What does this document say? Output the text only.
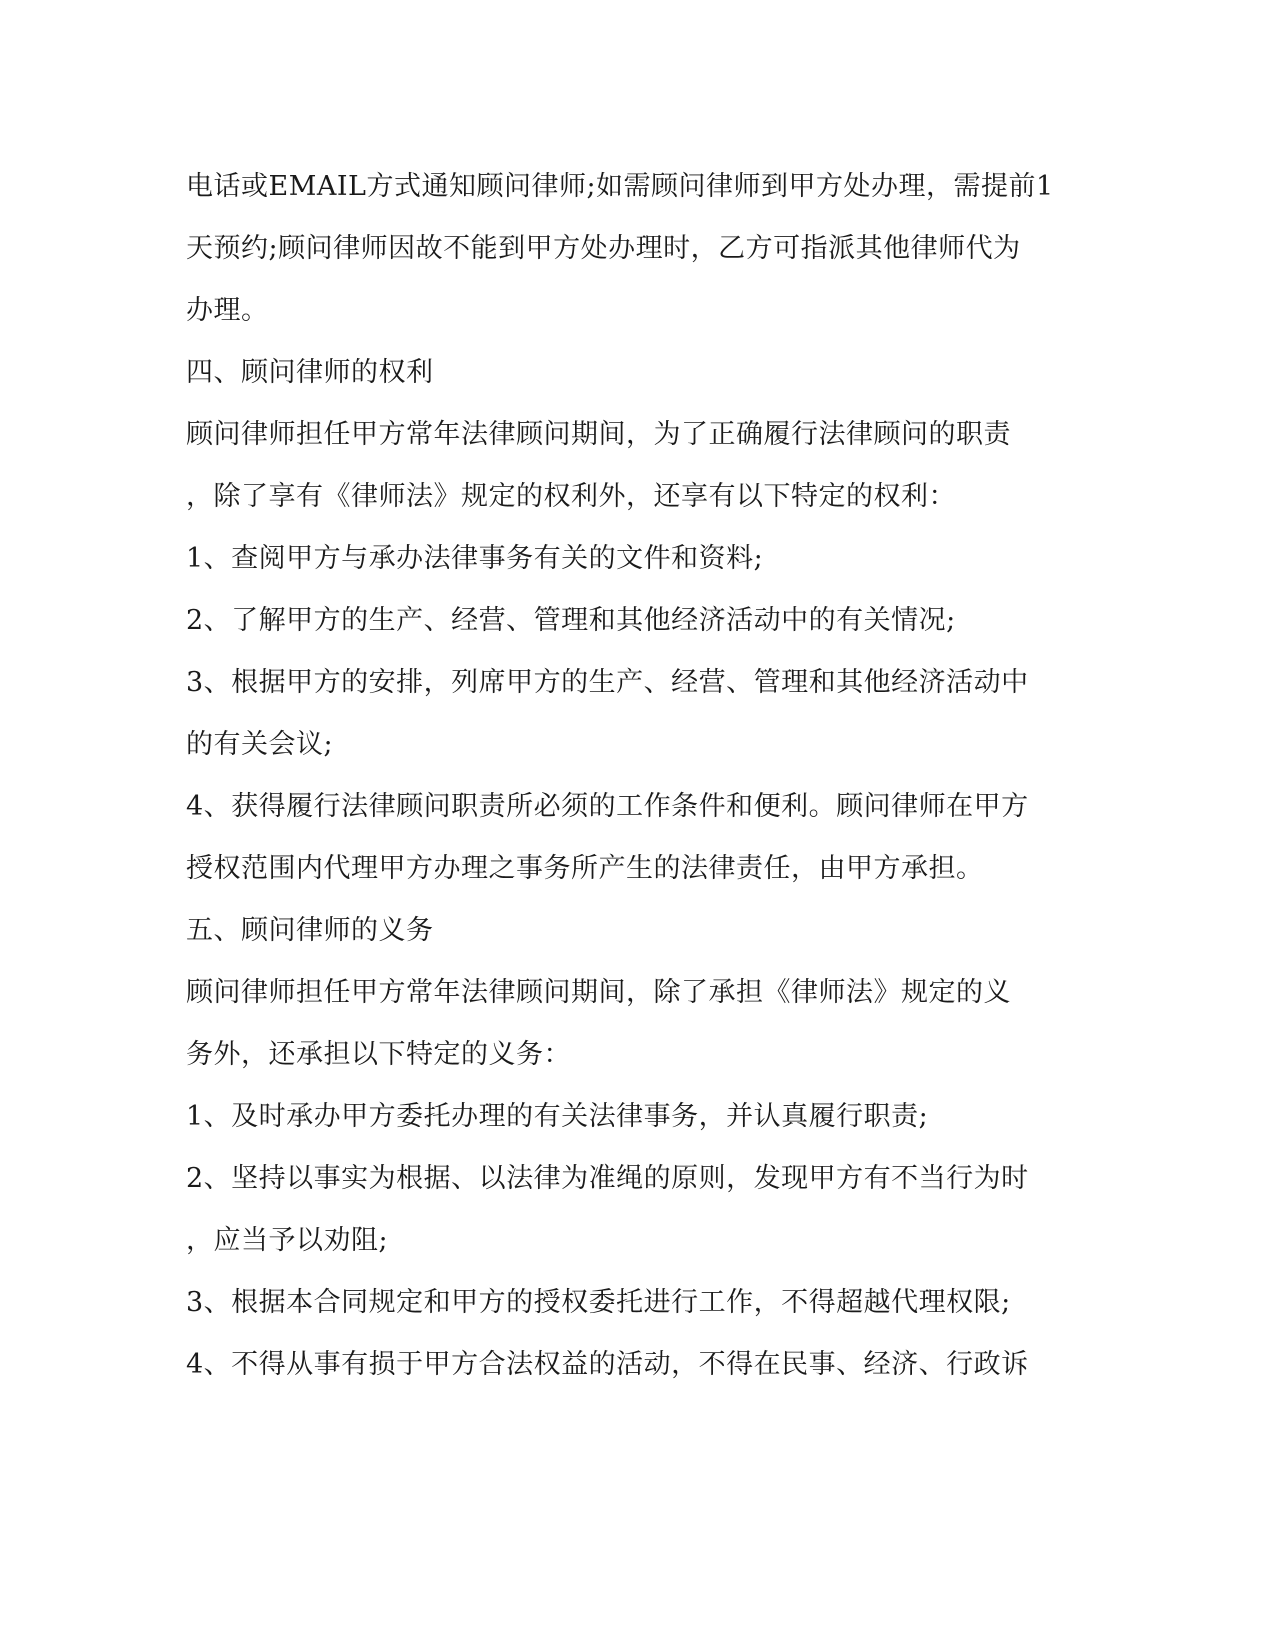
电话或EMAIL方式通知顾问律师;如需顾问律师到甲方处办理，需提前1
天预约;顾问律师因故不能到甲方处办理时，乙方可指派其他律师代为
办理。
四、顾问律师的权利
顾问律师担任甲方常年法律顾问期间，为了正确履行法律顾问的职责
，除了享有《律师法》规定的权利外，还享有以下特定的权利：
1、查阅甲方与承办法律事务有关的文件和资料;
2、了解甲方的生产、经营、管理和其他经济活动中的有关情况;
3、根据甲方的安排，列席甲方的生产、经营、管理和其他经济活动中
的有关会议;
4、获得履行法律顾问职责所必须的工作条件和便利。顾问律师在甲方
授权范围内代理甲方办理之事务所产生的法律责任，由甲方承担。
五、顾问律师的义务
顾问律师担任甲方常年法律顾问期间，除了承担《律师法》规定的义
务外，还承担以下特定的义务：
1、及时承办甲方委托办理的有关法律事务，并认真履行职责;
2、坚持以事实为根据、以法律为准绳的原则，发现甲方有不当行为时
，应当予以劝阻;
3、根据本合同规定和甲方的授权委托进行工作，不得超越代理权限;
4、不得从事有损于甲方合法权益的活动，不得在民事、经济、行政诉
